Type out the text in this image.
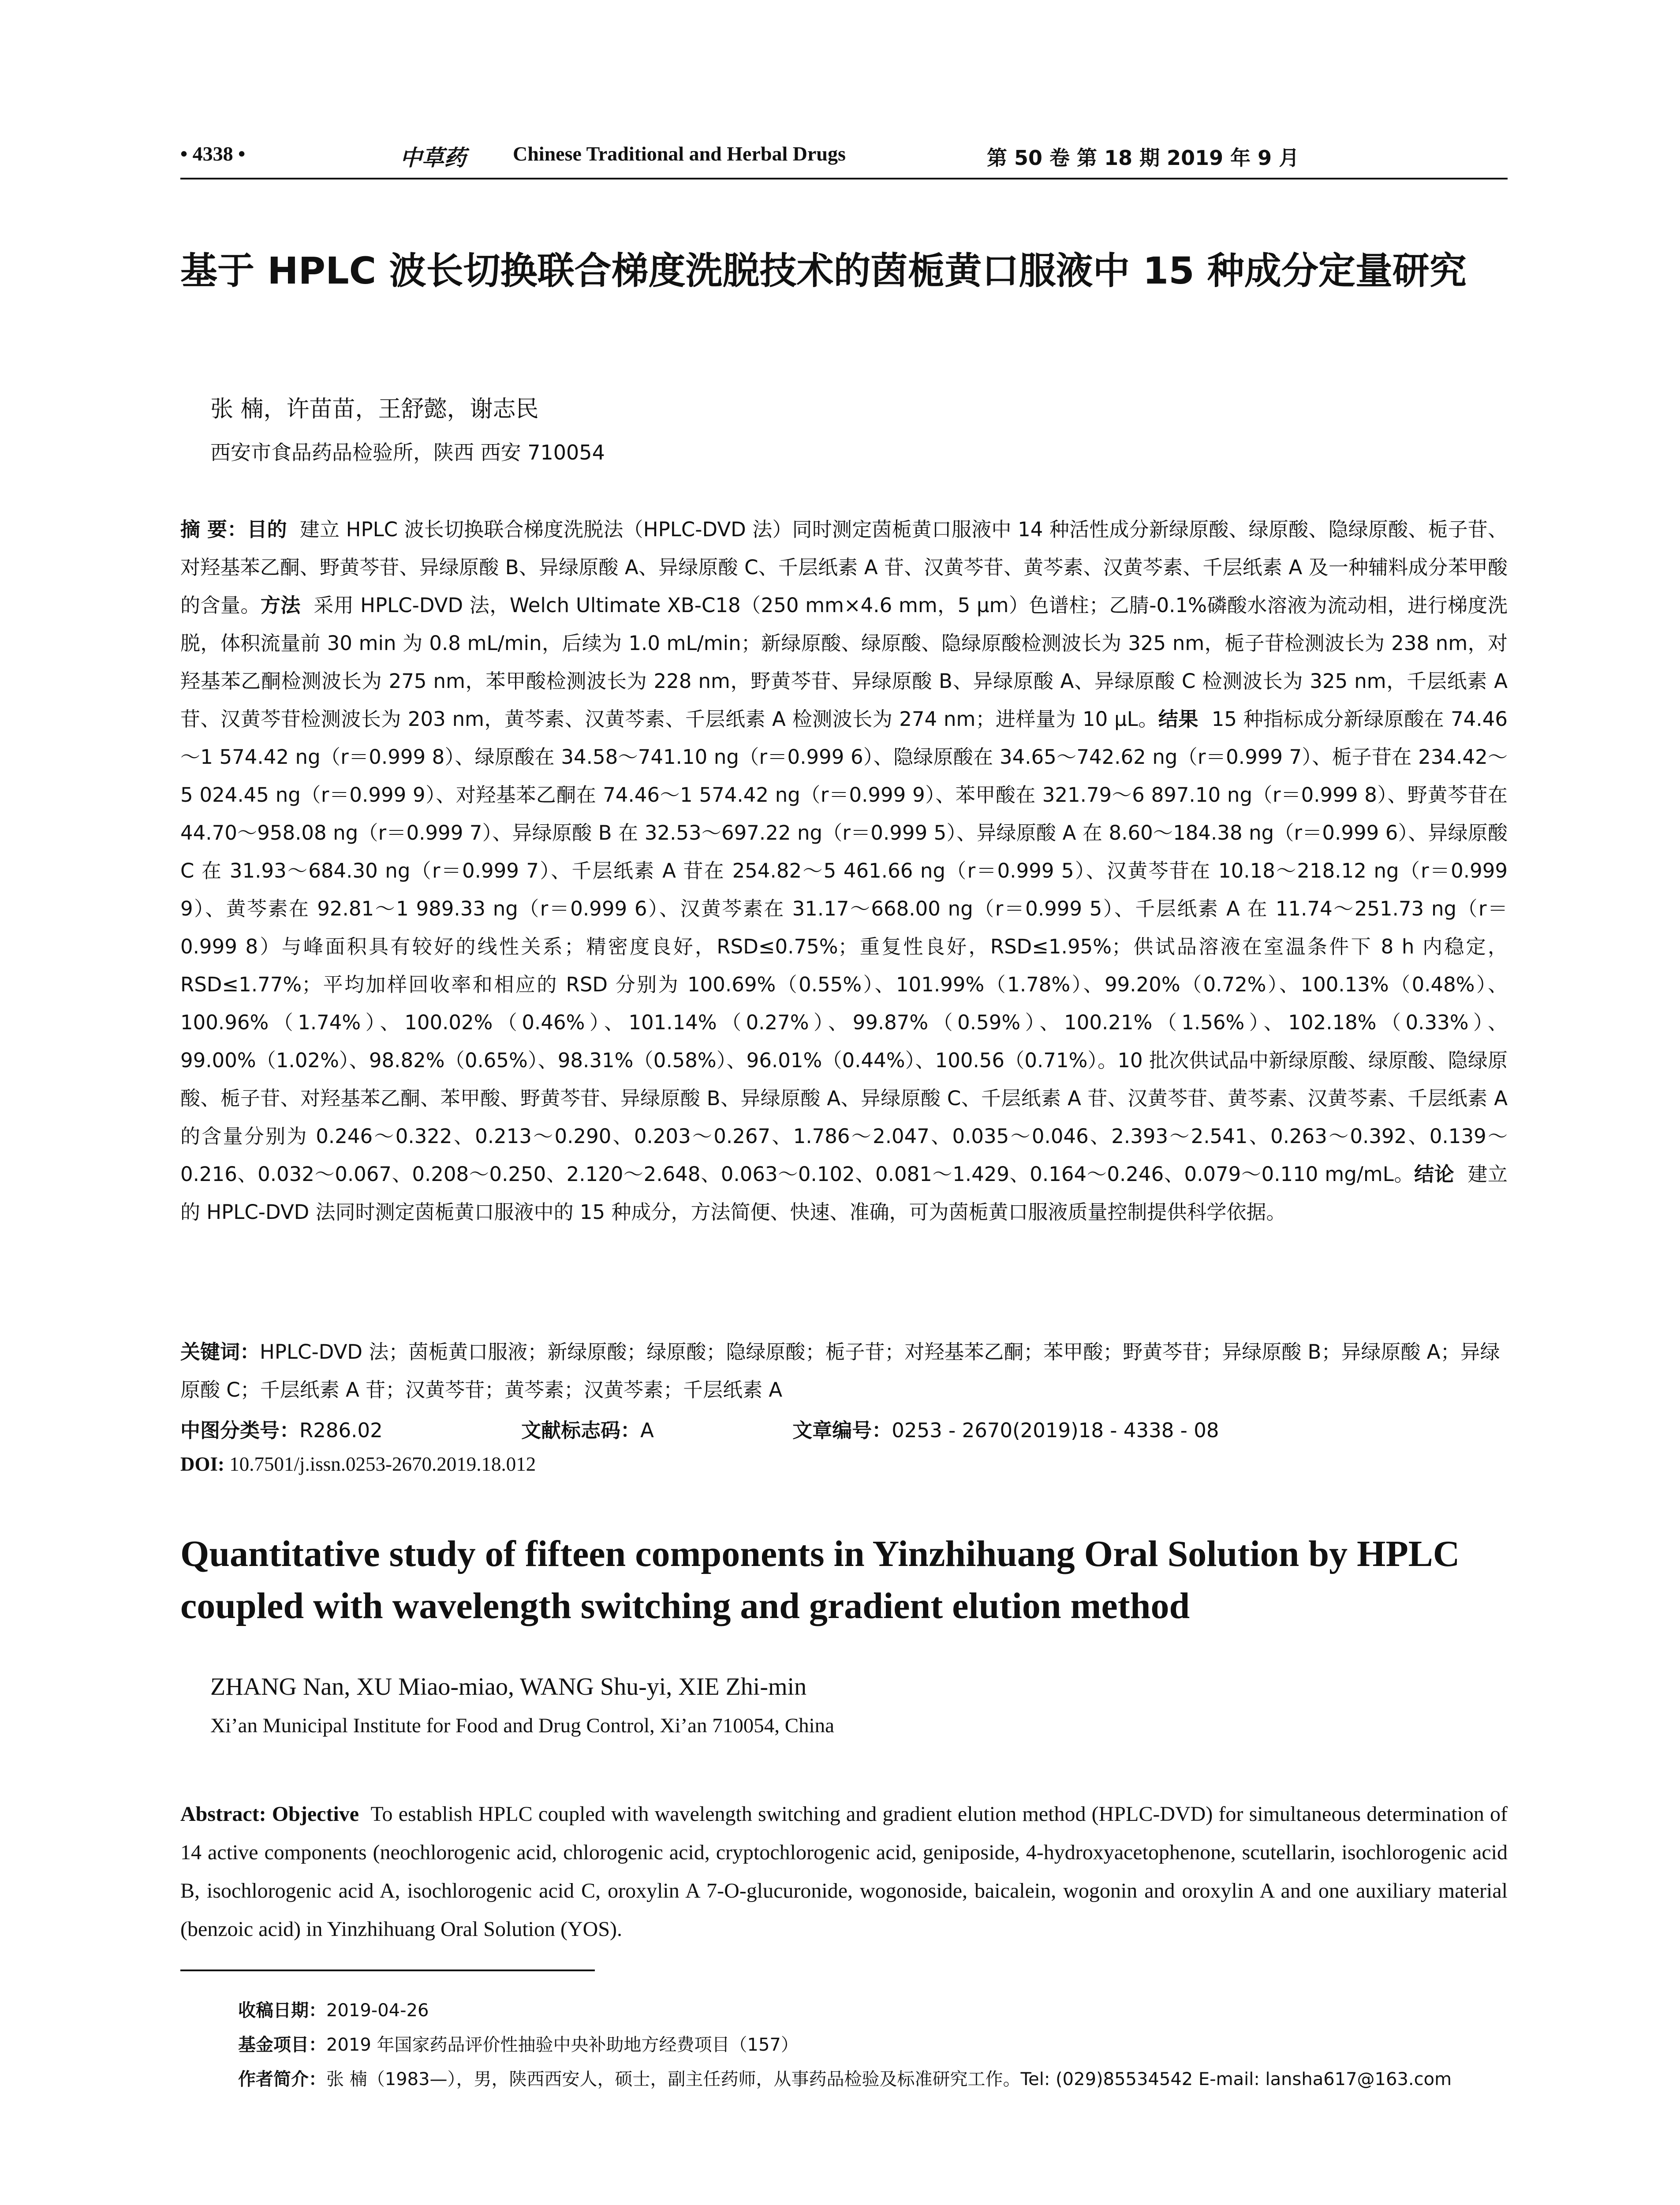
• 4338 •	中草药 Chinese Traditional and Herbal Drugs	第 50 卷 第 18 期 2019 年 9 月
基于 HPLC 波长切换联合梯度洗脱技术的茵栀黄口服液中 15 种成分定量研究
张 楠，许苗苗，王舒懿，谢志民
西安市食品药品检验所，陕西 西安 710054
摘 要：目的 建立 HPLC 波长切换联合梯度洗脱法（HPLC-DVD 法）同时测定茵栀黄口服液中 14 种活性成分新绿原酸、绿原酸、隐绿原酸、栀子苷、对羟基苯乙酮、野黄芩苷、异绿原酸 B、异绿原酸 A、异绿原酸 C、千层纸素 A 苷、汉黄芩苷、黄芩素、汉黄芩素、千层纸素 A 及一种辅料成分苯甲酸的含量。方法 采用 HPLC-DVD 法，Welch Ultimate XB-C18（250 mm×4.6 mm，5 μm）色谱柱；乙腈-0.1%磷酸水溶液为流动相，进行梯度洗脱，体积流量前 30 min 为 0.8 mL/min，后续为 1.0 mL/min；新绿原酸、绿原酸、隐绿原酸检测波长为 325 nm，栀子苷检测波长为 238 nm，对羟基苯乙酮检测波长为 275 nm，苯甲酸检测波长为 228 nm，野黄芩苷、异绿原酸 B、异绿原酸 A、异绿原酸 C 检测波长为 325 nm，千层纸素 A 苷、汉黄芩苷检测波长为 203 nm，黄芩素、汉黄芩素、千层纸素 A 检测波长为 274 nm；进样量为 10 μL。结果 15 种指标成分新绿原酸在 74.46～1 574.42 ng（r＝0.999 8）、绿原酸在 34.58～741.10 ng（r＝0.999 6）、隐绿原酸在 34.65～742.62 ng（r＝0.999 7）、栀子苷在 234.42～5 024.45 ng（r＝0.999 9）、对羟基苯乙酮在 74.46～1 574.42 ng（r＝0.999 9）、苯甲酸在 321.79～6 897.10 ng（r＝0.999 8）、野黄芩苷在 44.70～958.08 ng（r＝0.999 7）、异绿原酸 B 在 32.53～697.22 ng（r＝0.999 5）、异绿原酸 A 在 8.60～184.38 ng（r＝0.999 6）、异绿原酸 C 在 31.93～684.30 ng（r＝0.999 7）、千层纸素 A 苷在 254.82～5 461.66 ng（r＝0.999 5）、汉黄芩苷在 10.18～218.12 ng（r＝0.999 9）、黄芩素在 92.81～1 989.33 ng（r＝0.999 6）、汉黄芩素在 31.17～668.00 ng（r＝0.999 5）、千层纸素 A 在 11.74～251.73 ng（r＝0.999 8）与峰面积具有较好的线性关系；精密度良好，RSD≤0.75%；重复性良好，RSD≤1.95%；供试品溶液在室温条件下 8 h 内稳定，RSD≤1.77%；平均加样回收率和相应的 RSD 分别为 100.69%（0.55%）、101.99%（1.78%）、99.20%（0.72%）、100.13%（0.48%）、100.96%（1.74%）、100.02%（0.46%）、101.14%（0.27%）、99.87%（0.59%）、100.21%（1.56%）、102.18%（0.33%）、99.00%（1.02%）、98.82%（0.65%）、98.31%（0.58%）、96.01%（0.44%）、100.56（0.71%）。10 批次供试品中新绿原酸、绿原酸、隐绿原酸、栀子苷、对羟基苯乙酮、苯甲酸、野黄芩苷、异绿原酸 B、异绿原酸 A、异绿原酸 C、千层纸素 A 苷、汉黄芩苷、黄芩素、汉黄芩素、千层纸素 A 的含量分别为 0.246～0.322、0.213～0.290、0.203～0.267、1.786～2.047、0.035～0.046、2.393～2.541、0.263～0.392、0.139～0.216、0.032～0.067、0.208～0.250、2.120～2.648、0.063～0.102、0.081～1.429、0.164～0.246、0.079～0.110 mg/mL。结论 建立的 HPLC-DVD 法同时测定茵栀黄口服液中的 15 种成分，方法简便、快速、准确，可为茵栀黄口服液质量控制提供科学依据。
关键词：HPLC-DVD 法；茵栀黄口服液；新绿原酸；绿原酸；隐绿原酸；栀子苷；对羟基苯乙酮；苯甲酸；野黄芩苷；异绿原酸 B；异绿原酸 A；异绿原酸 C；千层纸素 A 苷；汉黄芩苷；黄芩素；汉黄芩素；千层纸素 A
中图分类号：R286.02	文献标志码：A	文章编号：0253 - 2670(2019)18 - 4338 - 08
DOI: 10.7501/j.issn.0253-2670.2019.18.012
Quantitative study of fifteen components in Yinzhihuang Oral Solution by HPLC coupled with wavelength switching and gradient elution method
ZHANG Nan, XU Miao-miao, WANG Shu-yi, XIE Zhi-min
Xi’an Municipal Institute for Food and Drug Control, Xi’an 710054, China
Abstract: Objective To establish HPLC coupled with wavelength switching and gradient elution method (HPLC-DVD) for simultaneous determination of 14 active components (neochlorogenic acid, chlorogenic acid, cryptochlorogenic acid, geniposide, 4-hydroxyacetophenone, scutellarin, isochlorogenic acid B, isochlorogenic acid A, isochlorogenic acid C, oroxylin A 7-O-glucuronide, wogonoside, baicalein, wogonin and oroxylin A and one auxiliary material (benzoic acid) in Yinzhihuang Oral Solution (YOS).
收稿日期：2019-04-26
基金项目：2019 年国家药品评价性抽验中央补助地方经费项目（157）
作者简介：张 楠（1983—），男，陕西西安人，硕士，副主任药师，从事药品检验及标准研究工作。Tel: (029)85534542 E-mail: lansha617@163.com
